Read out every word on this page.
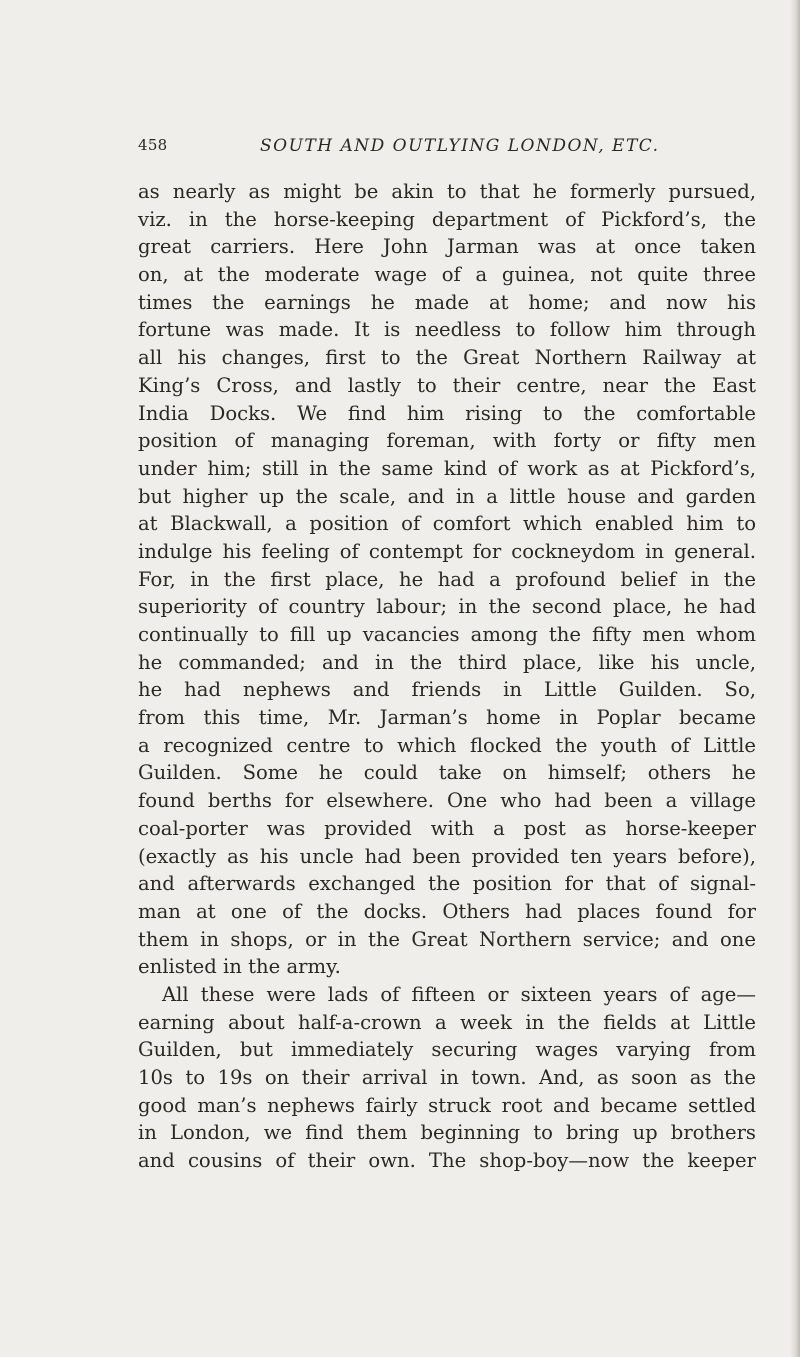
458	SOUTH AND OUTLYING LONDON, ETC.
as nearly as might be akin to that he formerly pursued,
viz. in the horse-keeping department of Pickford’s, the
great carriers. Here John Jarman was at once taken
on, at the moderate wage of a guinea, not quite three
times the earnings he made at home; and now his
fortune was made. It is needless to follow him through
all his changes, first to the Great Northern Railway at
King’s Cross, and lastly to their centre, near the East
India Docks. We find him rising to the comfortable
position of managing foreman, with forty or fifty men
under him; still in the same kind of work as at Pickford’s,
but higher up the scale, and in a little house and garden
at Blackwall, a position of comfort which enabled him to
indulge his feeling of contempt for cockneydom in general.
For, in the first place, he had a profound belief in the
superiority of country labour; in the second place, he had
continually to fill up vacancies among the fifty men whom
he commanded; and in the third place, like his uncle,
he had nephews and friends in Little Guilden. So,
from this time, Mr. Jarman’s home in Poplar became
a recognized centre to which flocked the youth of Little
Guilden. Some he could take on himself; others he
found berths for elsewhere. One who had been a village
coal-porter was provided with a post as horse-keeper
(exactly as his uncle had been provided ten years before),
and afterwards exchanged the position for that of signal-
man at one of the docks. Others had places found for
them in shops, or in the Great Northern service; and one
enlisted in the army.
All these were lads of fifteen or sixteen years of age—
earning about half-a-crown a week in the fields at Little
Guilden, but immediately securing wages varying from
10s to 19s on their arrival in town. And, as soon as the
good man’s nephews fairly struck root and became settled
in London, we find them beginning to bring up brothers
and cousins of their own. The shop-boy—now the keeper
